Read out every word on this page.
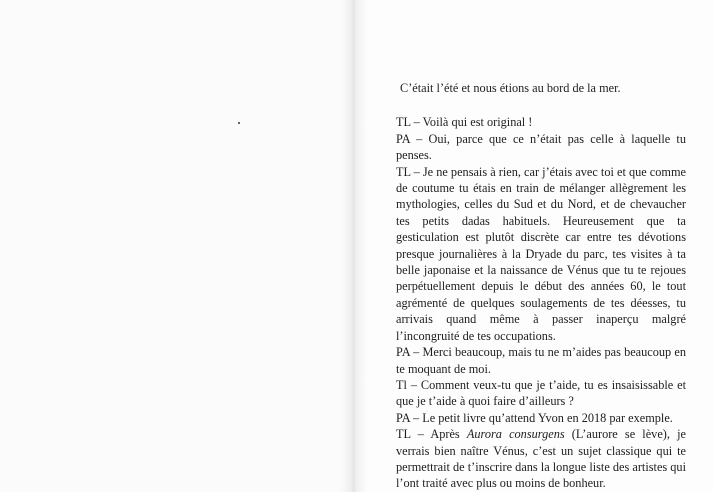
C’était l’été et nous étions au bord de la mer.

TL – Voilà qui est original !

PA – Oui, parce que ce n’était pas celle à laquelle tu penses.

TL – Je ne pensais à rien, car j’étais avec toi et que comme de coutume tu étais en train de mélanger allègrement les mythologies, celles du Sud et du Nord, et de chevaucher tes petits dadas habituels. Heureusement que ta gesticulation est plutôt discrète car entre tes dévotions presque journalières à la Dryade du parc, tes visites à ta belle japonaise et la naissance de Vénus que tu te rejoues perpétuellement depuis le début des années 60, le tout agrémenté de quelques soulagements de tes déesses, tu arrivais quand même à passer inaperçu malgré l’incongruité de tes occupations.

PA – Merci beaucoup, mais tu ne m’aides pas beaucoup en te moquant de moi.

Tl – Comment veux-tu que je t’aide, tu es insaisissable et que je t’aide à quoi faire d’ailleurs ?

PA – Le petit livre qu’attend Yvon en 2018 par exemple.

TL – Après Aurora consurgens (L’aurore se lève), je verrais bien naître Vénus, c’est un sujet classique qui te permettrait de t’inscrire dans la longue liste des artistes qui l’ont traité avec plus ou moins de bonheur.
